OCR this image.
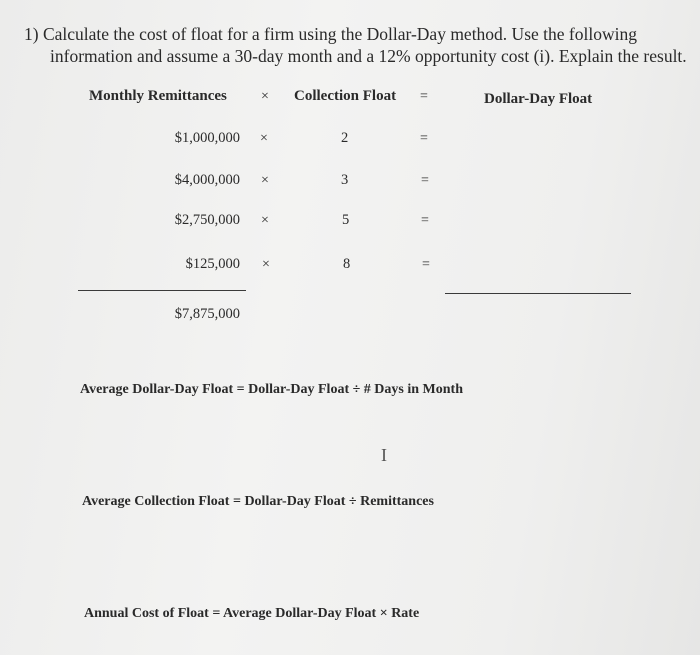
1) Calculate the cost of float for a firm using the Dollar-Day method. Use the following
information and assume a 30-day month and a 12% opportunity cost (i). Explain the result.
Monthly Remittances × Collection Float =	Dollar-Day Float
$1,000,000 ×	2	=
$4,000,000 ×	3	=
$2,750,000 ×	5	=
$125,000 ×	8	=
$7,875,000
Average Dollar-Day Float = Dollar-Day Float ÷ # Days in Month
I
Average Collection Float = Dollar-Day Float ÷ Remittances
Annual Cost of Float = Average Dollar-Day Float × Rate
